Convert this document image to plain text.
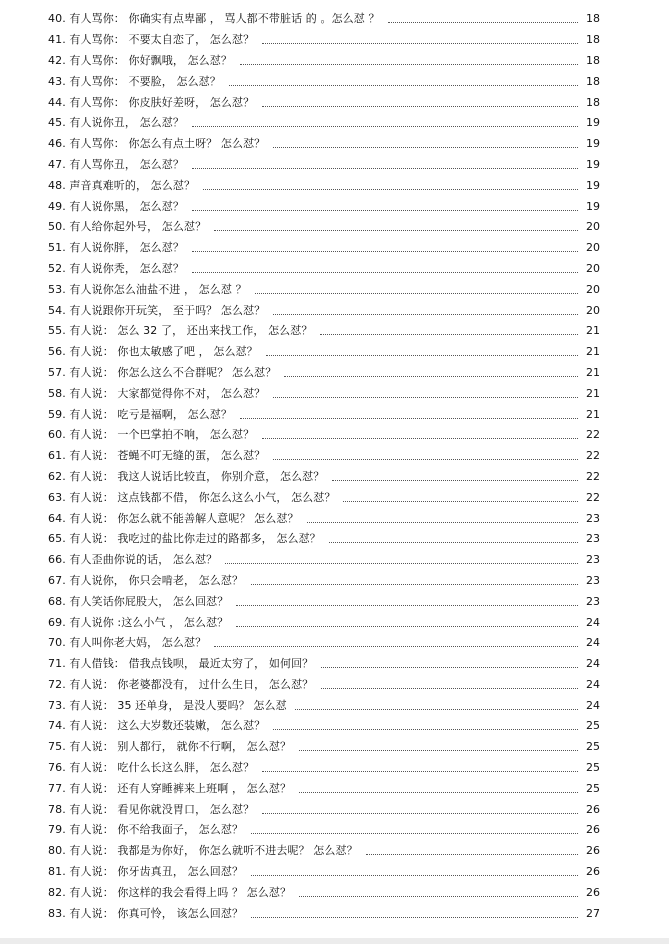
40. 有人骂你： 你确实有点卑鄙 ， 骂人都不带脏话 的 。怎么怼 ？	18
41. 有人骂你： 不要太自恋了， 怎么怼？	18
42. 有人骂你： 你好飘哦， 怎么怼？	18
43. 有人骂你： 不要脸， 怎么怼？	18
44. 有人骂你： 你皮肤好差呀， 怎么怼？	18
45. 有人说你丑， 怎么怼？	19
46. 有人骂你： 你怎么有点土呀？ 怎么怼？	19
47. 有人骂你丑， 怎么怼？	19
48. 声音真难听的， 怎么怼？	19
49. 有人说你黑， 怎么怼？	19
50. 有人给你起外号， 怎么怼？	20
51. 有人说你胖， 怎么怼？	20
52. 有人说你秃， 怎么怼？	20
53. 有人说你怎么油盐不进 ， 怎么怼 ？	20
54. 有人说跟你开玩笑， 至于吗？ 怎么怼？	20
55. 有人说： 怎么 32 了， 还出来找工作， 怎么怼？	21
56. 有人说： 你也太敏感了吧 ， 怎么怼？	21
57. 有人说： 你怎么这么不合群呢？ 怎么怼？	21
58. 有人说： 大家都觉得你不对， 怎么怼？	21
59. 有人说： 吃亏是福啊， 怎么怼？	21
60. 有人说： 一个巴掌拍不响， 怎么怼？	22
61. 有人说： 苍蝇不叮无缝的蛋， 怎么怼？	22
62. 有人说： 我这人说话比较直， 你别介意， 怎么怼？	22
63. 有人说： 这点钱都不借， 你怎么这么小气， 怎么怼？	22
64. 有人说： 你怎么就不能善解人意呢？ 怎么怼？	23
65. 有人说： 我吃过的盐比你走过的路都多， 怎么怼？	23
66. 有人歪曲你说的话， 怎么怼？	23
67. 有人说你， 你只会啃老， 怎么怼？	23
68. 有人笑话你屁股大， 怎么回怼？	23
69. 有人说你 :这么小气 ， 怎么怼？	24
70. 有人叫你老大妈， 怎么怼？	24
71. 有人借钱： 借我点钱呗， 最近太穷了， 如何回？	24
72. 有人说： 你老婆都没有， 过什么生日， 怎么怼？	24
73. 有人说： 35 还单身， 是没人要吗？ 怎么怼	24
74. 有人说： 这么大岁数还装嫩， 怎么怼？	25
75. 有人说： 别人都行， 就你不行啊， 怎么怼？	25
76. 有人说： 吃什么长这么胖， 怎么怼？	25
77. 有人说： 还有人穿睡裤来上班啊 ， 怎么怼？	25
78. 有人说： 看见你就没胃口， 怎么怼？	26
79. 有人说： 你不给我面子， 怎么怼？	26
80. 有人说： 我都是为你好， 你怎么就听不进去呢？ 怎么怼？	26
81. 有人说： 你牙齿真丑， 怎么回怼？	26
82. 有人说： 你这样的我会看得上吗 ？ 怎么怼？	26
83. 有人说： 你真可怜， 该怎么回怼？	27
